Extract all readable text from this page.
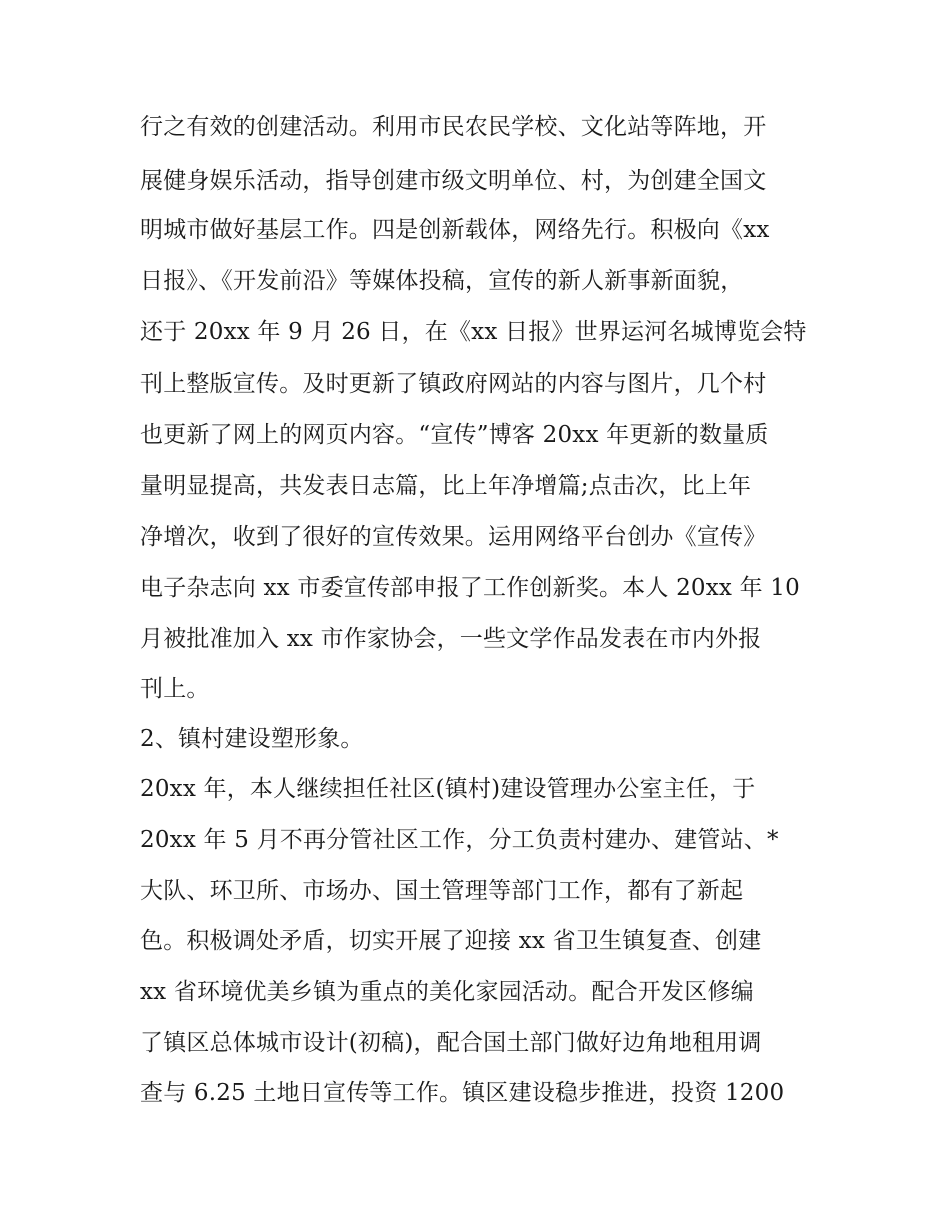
行之有效的创建活动。利用市民农民学校、文化站等阵地，开
展健身娱乐活动，指导创建市级文明单位、村，为创建全国文
明城市做好基层工作。四是创新载体，网络先行。积极向《xx
日报》、《开发前沿》等媒体投稿，宣传的新人新事新面貌，
还于 20xx 年 9 月 26 日，在《xx 日报》世界运河名城博览会特
刊上整版宣传。及时更新了镇政府网站的内容与图片，几个村
也更新了网上的网页内容。“宣传”博客 20xx 年更新的数量质
量明显提高，共发表日志篇，比上年净增篇;点击次，比上年
净增次，收到了很好的宣传效果。运用网络平台创办《宣传》
电子杂志向 xx 市委宣传部申报了工作创新奖。本人 20xx 年 10
月被批准加入 xx 市作家协会，一些文学作品发表在市内外报
刊上。
2、镇村建设塑形象。
20xx 年，本人继续担任社区(镇村)建设管理办公室主任，于
20xx 年 5 月不再分管社区工作，分工负责村建办、建管站、*
大队、环卫所、市场办、国土管理等部门工作，都有了新起
色。积极调处矛盾，切实开展了迎接 xx 省卫生镇复查、创建
xx 省环境优美乡镇为重点的美化家园活动。配合开发区修编
了镇区总体城市设计(初稿)，配合国土部门做好边角地租用调
查与 6.25 土地日宣传等工作。镇区建设稳步推进，投资 1200
